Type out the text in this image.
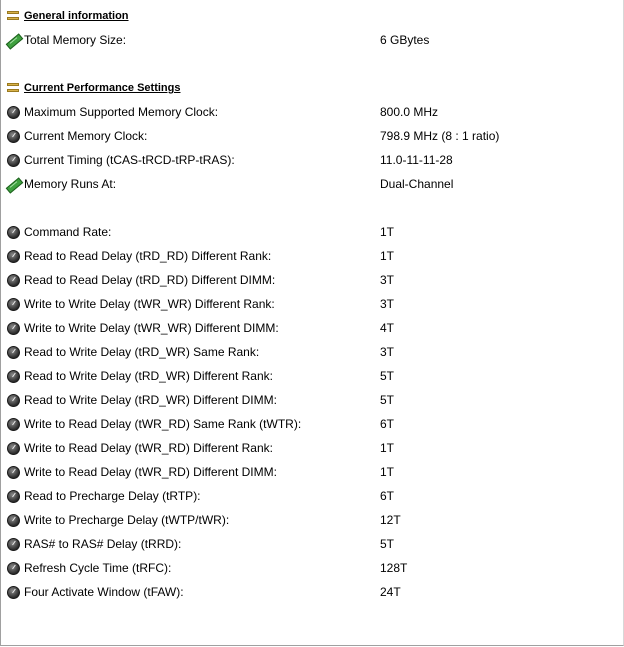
General information
Total Memory Size:	6 GBytes
Current Performance Settings
Maximum Supported Memory Clock:	800.0 MHz
Current Memory Clock:	798.9 MHz (8 : 1 ratio)
Current Timing (tCAS-tRCD-tRP-tRAS):	11.0-11-11-28
Memory Runs At:	Dual-Channel
Command Rate:	1T
Read to Read Delay (tRD_RD) Different Rank:	1T
Read to Read Delay (tRD_RD) Different DIMM:	3T
Write to Write Delay (tWR_WR) Different Rank:	3T
Write to Write Delay (tWR_WR) Different DIMM:	4T
Read to Write Delay (tRD_WR) Same Rank:	3T
Read to Write Delay (tRD_WR) Different Rank:	5T
Read to Write Delay (tRD_WR) Different DIMM:	5T
Write to Read Delay (tWR_RD) Same Rank (tWTR):	6T
Write to Read Delay (tWR_RD) Different Rank:	1T
Write to Read Delay (tWR_RD) Different DIMM:	1T
Read to Precharge Delay (tRTP):	6T
Write to Precharge Delay (tWTP/tWR):	12T
RAS# to RAS# Delay (tRRD):	5T
Refresh Cycle Time (tRFC):	128T
Four Activate Window (tFAW):	24T
